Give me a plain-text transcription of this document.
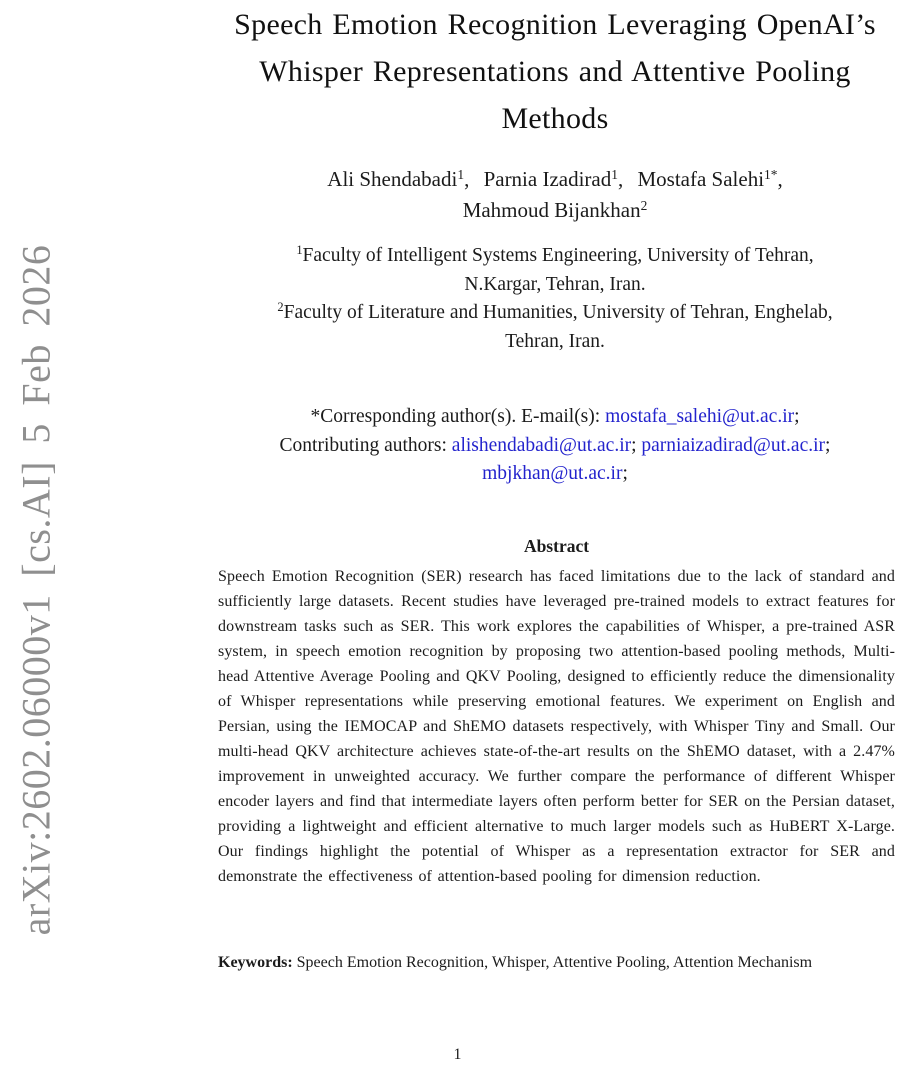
arXiv:2602.06000v1 [cs.AI] 5 Feb 2026
Speech Emotion Recognition Leveraging OpenAI’s
Whisper Representations and Attentive Pooling
Methods
Ali Shendabadi$^1$, Parnia Izadirad$^1$, Mostafa Salehi$^{1*}$,
Mahmoud Bijankhan$^2$
$^1$Faculty of Intelligent Systems Engineering, University of Tehran,
N.Kargar, Tehran, Iran.
$^2$Faculty of Literature and Humanities, University of Tehran, Enghelab,
Tehran, Iran.
*Corresponding author(s). E-mail(s): mostafa_salehi@ut.ac.ir;
Contributing authors: alishendabadi@ut.ac.ir; parniaizadirad@ut.ac.ir;
mbjkhan@ut.ac.ir;
Abstract
Speech Emotion Recognition (SER) research has faced limitations due to the lack of standard and sufficiently large datasets. Recent studies have leveraged pre-trained models to extract features for downstream tasks such as SER. This work explores the capabilities of Whisper, a pre-trained ASR system, in speech emotion recognition by proposing two attention-based pooling methods, Multi-head Attentive Average Pooling and QKV Pooling, designed to efficiently reduce the dimensionality of Whisper representations while preserving emotional features. We experiment on English and Persian, using the IEMOCAP and ShEMO datasets respectively, with Whisper Tiny and Small. Our multi-head QKV architecture achieves state-of-the-art results on the ShEMO dataset, with a 2.47% improvement in unweighted accuracy. We further compare the performance of different Whisper encoder layers and find that intermediate layers often perform better for SER on the Persian dataset, providing a lightweight and efficient alternative to much larger models such as HuBERT X-Large. Our findings highlight the potential of Whisper as a representation extractor for SER and demonstrate the effectiveness of attention-based pooling for dimension reduction.
Keywords: Speech Emotion Recognition, Whisper, Attentive Pooling, Attention Mechanism
1
